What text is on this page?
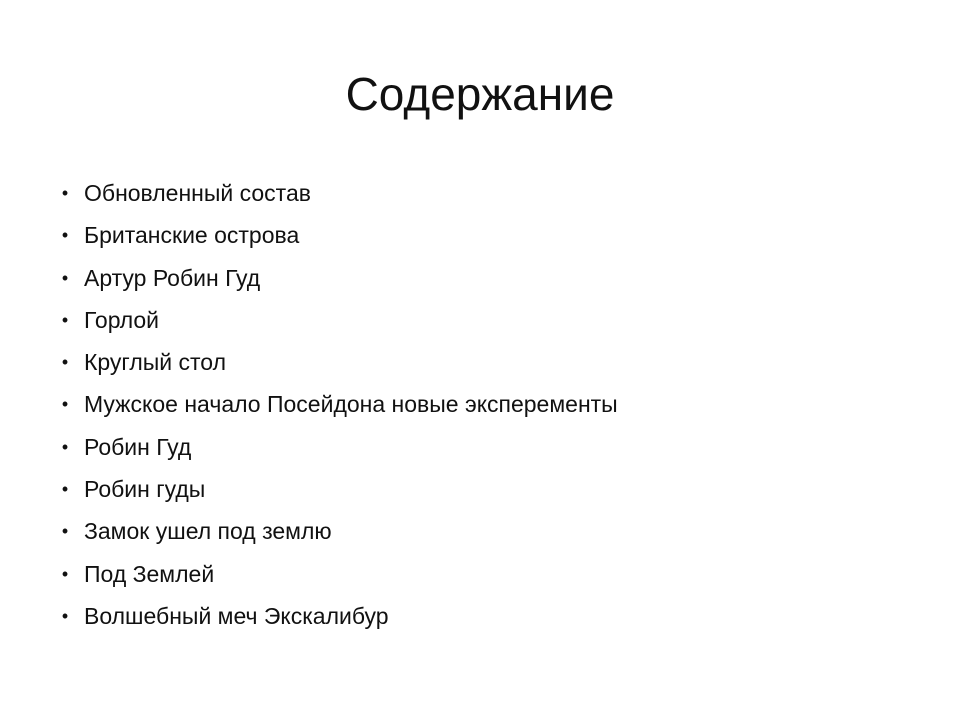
Содержание
• Обновленный состав
• Британские острова
• Артур Робин Гуд
• Горлой
• Круглый стол
• Мужское начало Посейдона новые эксперементы
• Робин Гуд
• Робин гуды
• Замок ушел под землю
• Под Землей
• Волшебный меч Экскалибур
